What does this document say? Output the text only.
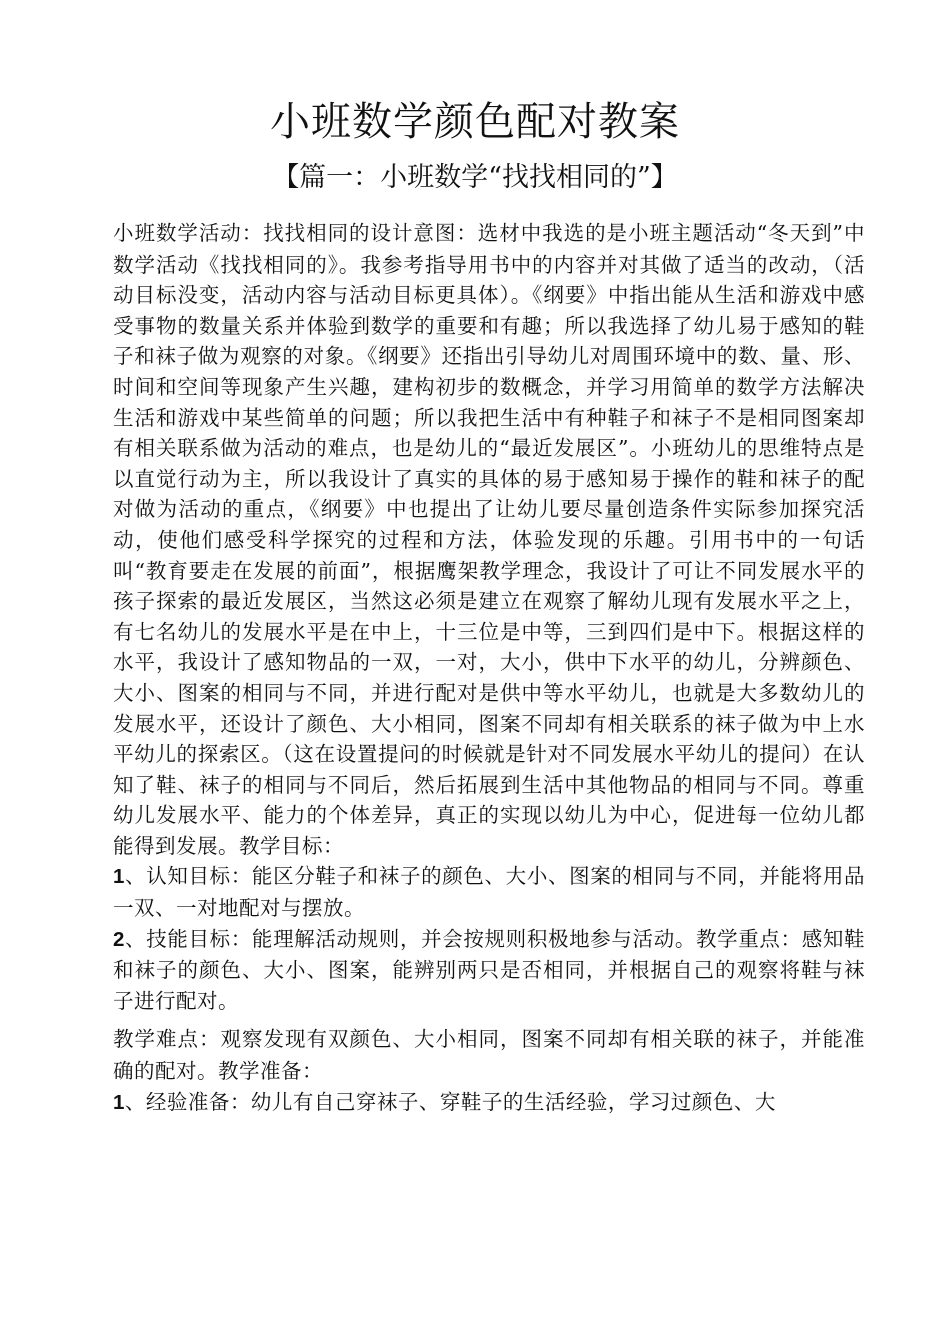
小班数学颜色配对教案
【篇一：小班数学“找找相同的”】

小班数学活动：找找相同的设计意图：选材中我选的是小班主题活动“冬天到”中数学活动《找找相同的》。我参考指导用书中的内容并对其做了适当的改动，（活动目标没变，活动内容与活动目标更具体）。《纲要》中指出能从生活和游戏中感受事物的数量关系并体验到数学的重要和有趣；所以我选择了幼儿易于感知的鞋子和袜子做为观察的对象。《纲要》还指出引导幼儿对周围环境中的数、量、形、时间和空间等现象产生兴趣，建构初步的数概念，并学习用简单的数学方法解决生活和游戏中某些简单的问题；所以我把生活中有种鞋子和袜子不是相同图案却有相关联系做为活动的难点，也是幼儿的“最近发展区”。小班幼儿的思维特点是以直觉行动为主，所以我设计了真实的具体的易于感知易于操作的鞋和袜子的配对做为活动的重点，《纲要》中也提出了让幼儿要尽量创造条件实际参加探究活动，使他们感受科学探究的过程和方法，体验发现的乐趣。引用书中的一句话叫“教育要走在发展的前面”，根据鹰架教学理念，我设计了可让不同发展水平的孩子探索的最近发展区，当然这必须是建立在观察了解幼儿现有发展水平之上，有七名幼儿的发展水平是在中上，十三位是中等，三到四们是中下。根据这样的水平，我设计了感知物品的一双，一对，大小，供中下水平的幼儿，分辨颜色、大小、图案的相同与不同，并进行配对是供中等水平幼儿，也就是大多数幼儿的发展水平，还设计了颜色、大小相同，图案不同却有相关联系的袜子做为中上水平幼儿的探索区。（这在设置提问的时候就是针对不同发展水平幼儿的提问）在认知了鞋、袜子的相同与不同后，然后拓展到生活中其他物品的相同与不同。尊重幼儿发展水平、能力的个体差异，真正的实现以幼儿为中心，促进每一位幼儿都能得到发展。教学目标：

1、认知目标：能区分鞋子和袜子的颜色、大小、图案的相同与不同，并能将用品一双、一对地配对与摆放。

2、技能目标：能理解活动规则，并会按规则积极地参与活动。教学重点：感知鞋和袜子的颜色、大小、图案，能辨别两只是否相同，并根据自己的观察将鞋与袜子进行配对。

教学难点：观察发现有双颜色、大小相同，图案不同却有相关联的袜子，并能准确的配对。教学准备：

1、经验准备：幼儿有自己穿袜子、穿鞋子的生活经验，学习过颜色、大
